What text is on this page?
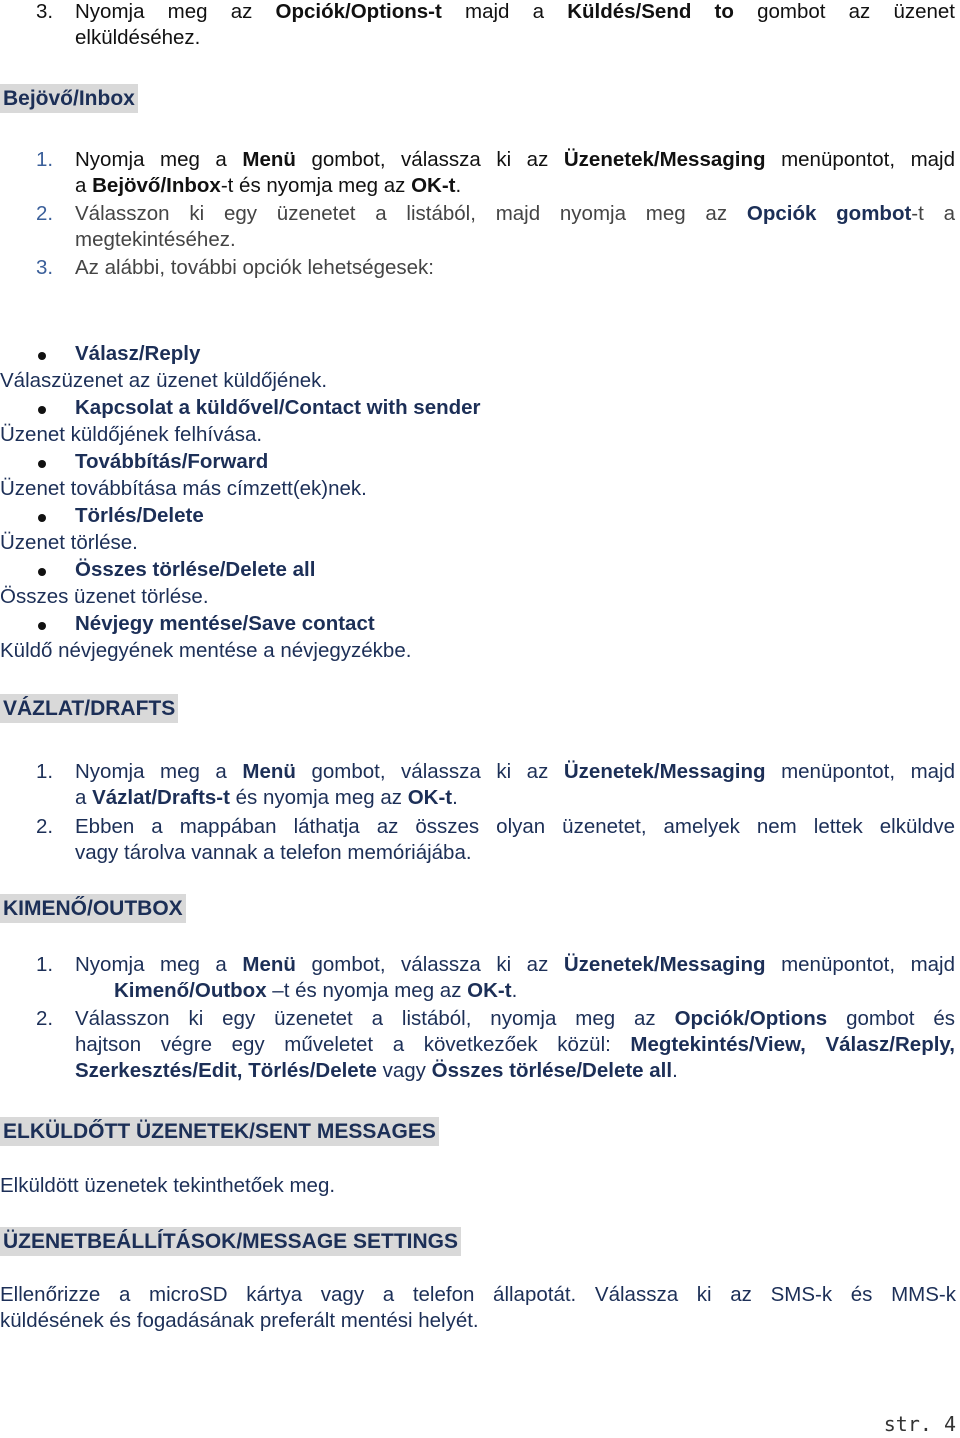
3.	Nyomja meg az Opciók/Options-t majd a Küldés/Send to gombot az üzenet
elküldéséhez.
Bejövő/Inbox
1.	Nyomja meg a Menü gombot, válassza ki az Üzenetek/Messaging menüpontot, majd
a Bejövő/Inbox-t és nyomja meg az OK-t.
2.	Válasszon ki egy üzenetet a listából, majd nyomja meg az Opciók gombot-t a
megtekintéséhez.
3.	Az alábbi, további opciók lehetségesek:
Válasz/Reply
Válaszüzenet az üzenet küldőjének.
Kapcsolat a küldővel/Contact with sender
Üzenet küldőjének felhívása.
Továbbítás/Forward
Üzenet továbbítása más címzett(ek)nek.
Törlés/Delete
Üzenet törlése.
Összes törlése/Delete all
Összes üzenet törlése.
Névjegy mentése/Save contact
Küldő névjegyének mentése a névjegyzékbe.
VÁZLAT/DRAFTS
1.	Nyomja meg a Menü gombot, válassza ki az Üzenetek/Messaging menüpontot, majd
a Vázlat/Drafts-t és nyomja meg az OK-t.
2.	Ebben a mappában láthatja az összes olyan üzenetet, amelyek nem lettek elküldve
vagy tárolva vannak a telefon memóriájába.
KIMENŐ/OUTBOX
1.	Nyomja meg a Menü gombot, válassza ki az Üzenetek/Messaging menüpontot, majd
Kimenő/Outbox –t és nyomja meg az OK-t.
2.	Válasszon ki egy üzenetet a listából, nyomja meg az Opciók/Options gombot és
hajtson végre egy műveletet a következőek közül: Megtekintés/View, Válasz/Reply,
Szerkesztés/Edit, Törlés/Delete vagy Összes törlése/Delete all.
ELKÜLDŐTT ÜZENETEK/SENT MESSAGES
Elküldött üzenetek tekinthetőek meg.
ÜZENETBEÁLLÍTÁSOK/MESSAGE SETTINGS
Ellenőrizze a microSD kártya vagy a telefon állapotát. Válassza ki az SMS-k és MMS-k
küldésének és fogadásának preferált mentési helyét.
str. 4
